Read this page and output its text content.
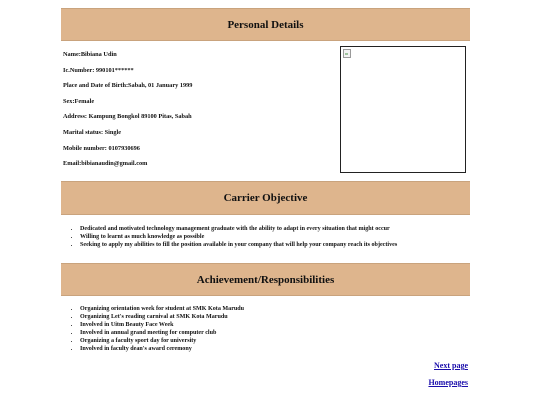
Personal Details
Name:Bibiana Udin
Ic.Number: 990101******
Place and Date of Birth:Sabah, 01 January 1999
Sex:Female
Address: Kampung Bongkol 89100 Pitas, Sabah
Marital status: Single
Mobile number: 0107930696
Email:bibianaudin@gmail.com
Carrier Objective
• Dedicated and motivated technology management graduate with the ability to adapt in every situation that might occur
• Willing to learnt as much knowledge as possible
• Seeking to apply my abilities to fill the position available in your company that will help your company reach its objectives
Achievement/Responsibilities
• Organizing orientation week for student at SMK Kota Marudu
• Organizing Let's reading carnival at SMK Kota Marudu
• Involved in Uitm Beauty Face Week
• Involved in annual grand meeting for computer club
• Organizing a faculty sport day for university
• Involved in faculty dean's award ceremony
Next page
Homepages
